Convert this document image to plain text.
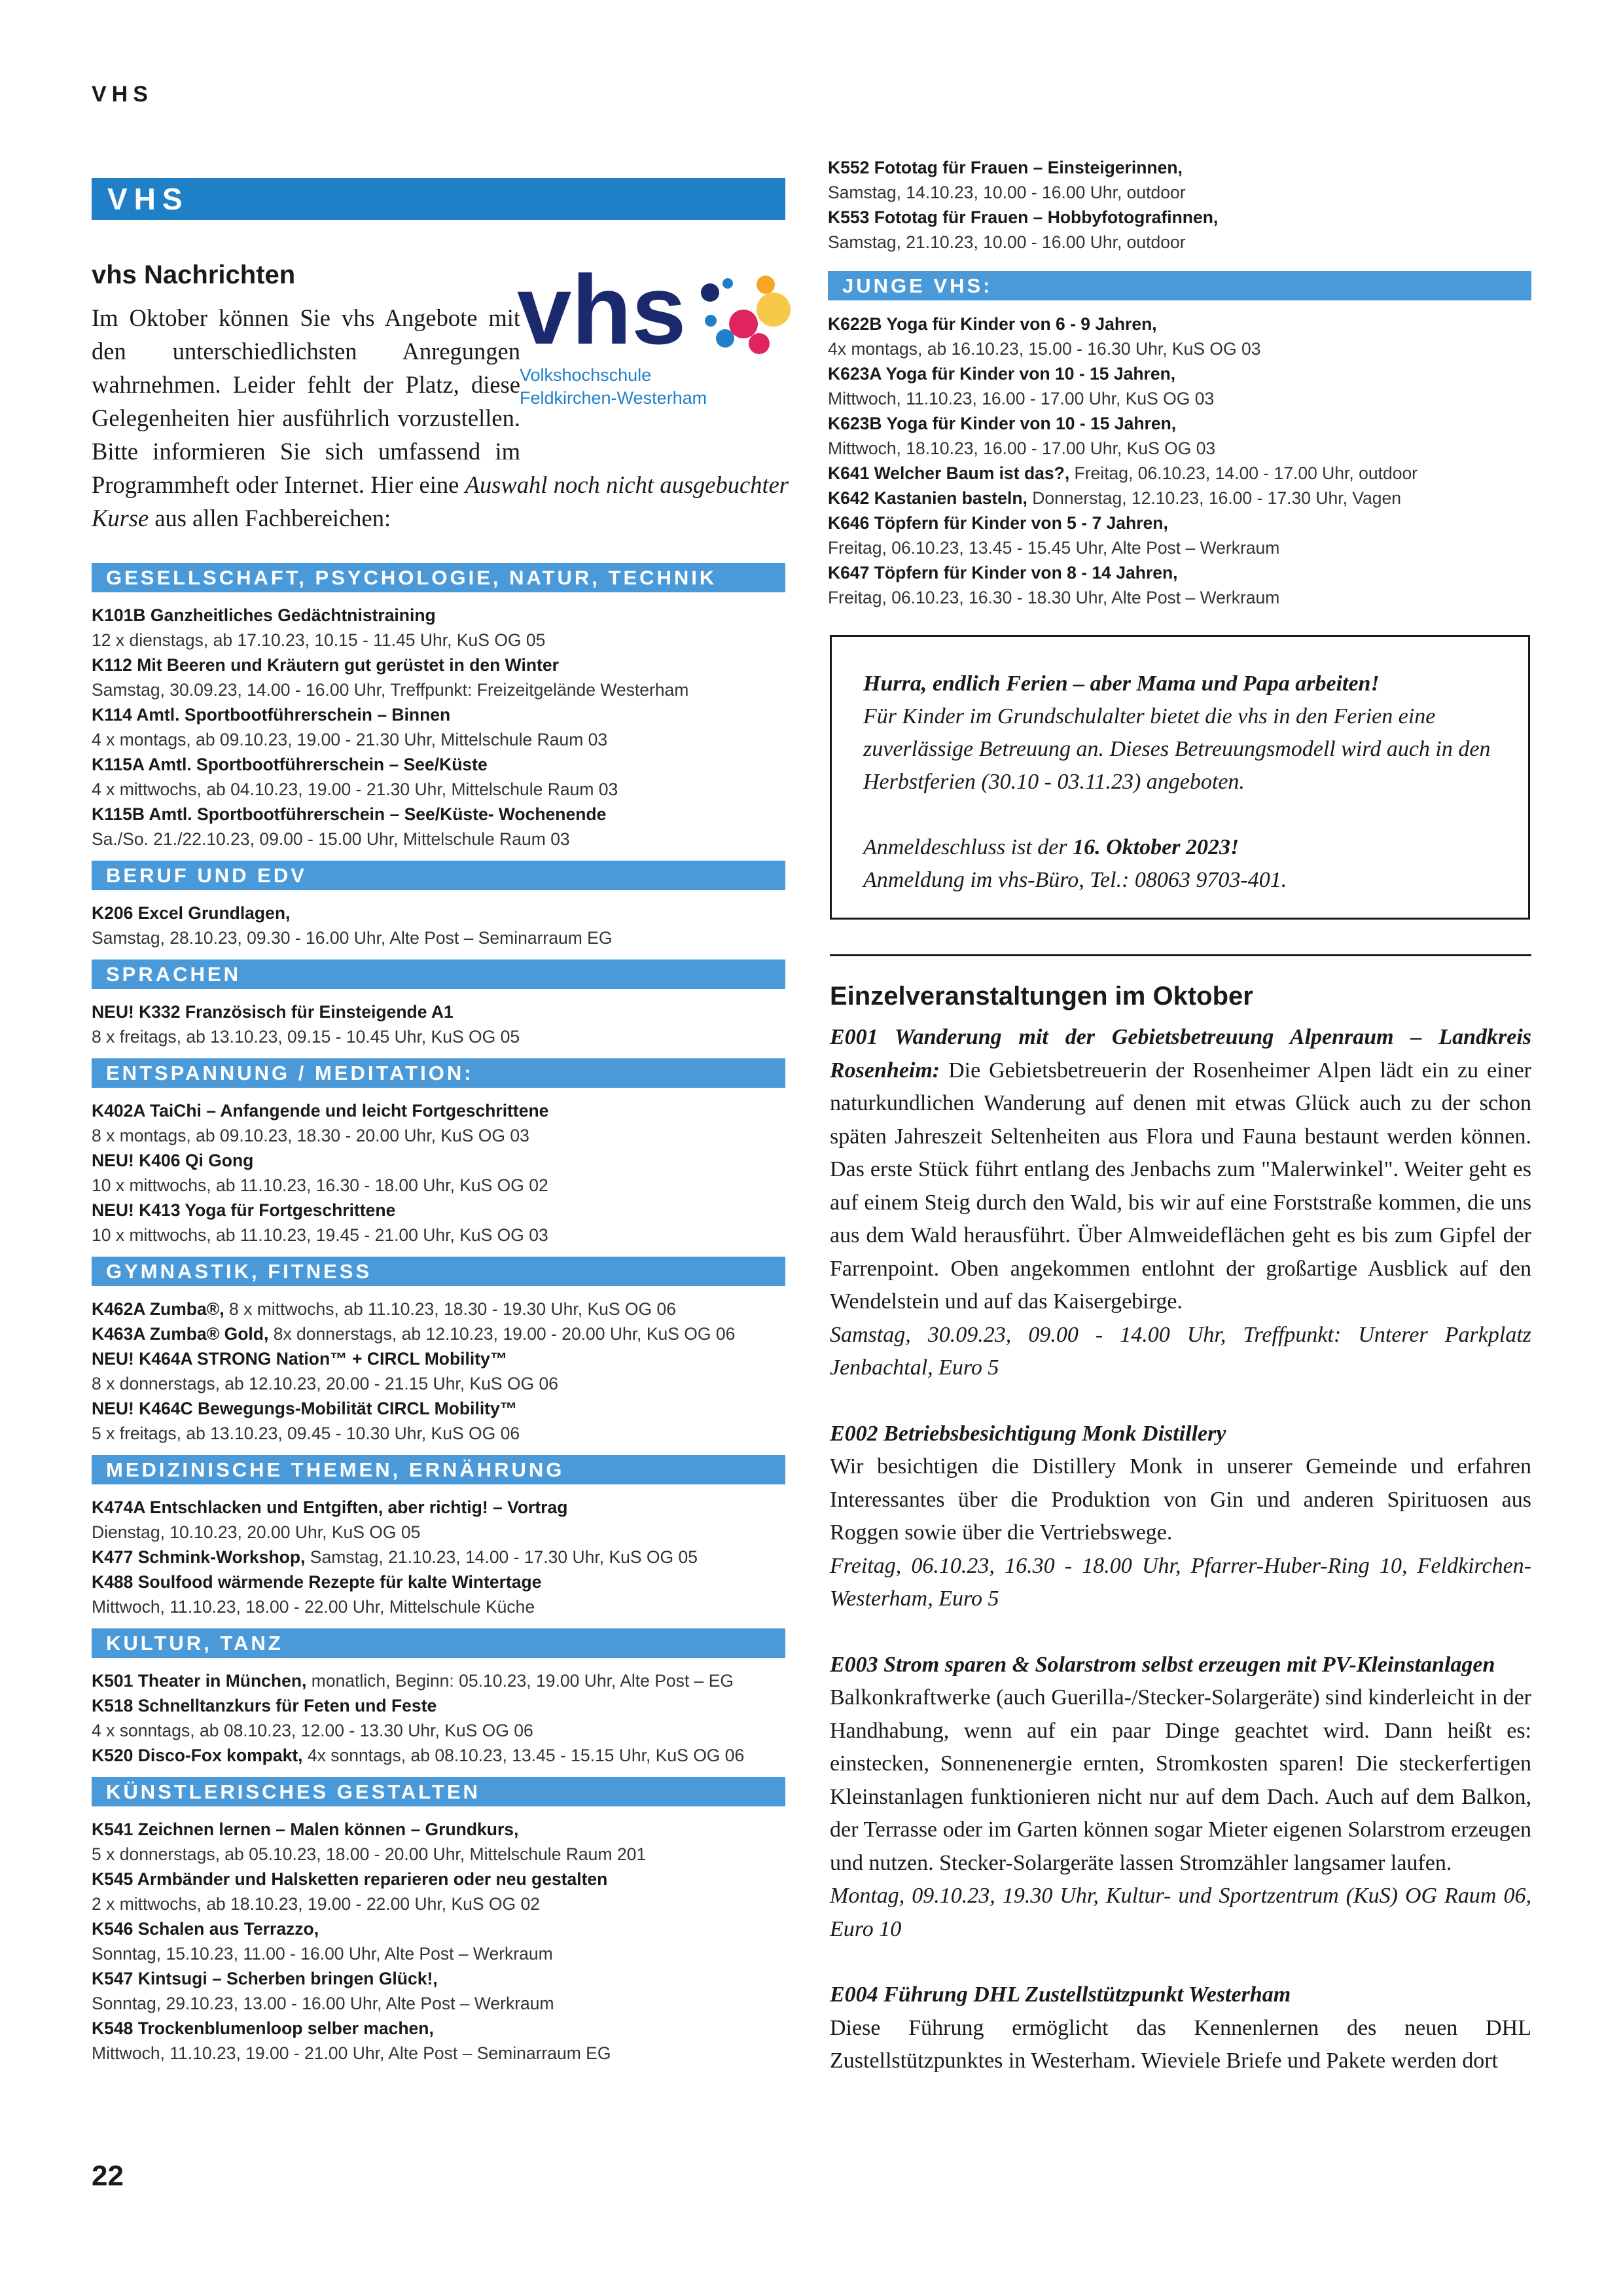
VHS
VHS
vhs Nachrichten vhs
Volkshochschule
Feldkirchen-Westerham
Im Oktober können Sie vhs Angebote mit den unterschiedlichsten Anregungen wahrnehmen. Leider fehlt der Platz, diese Gelegenheiten hier ausführlich vorzustellen. Bitte informieren Sie sich umfassend im Programmheft oder Internet. Hier eine Auswahl noch nicht ausgebuchter Kurse aus allen Fachbereichen:
GESELLSCHAFT, PSYCHOLOGIE, NATUR, TECHNIK
K101B Ganzheitliches Gedächtnistraining
12 x dienstags, ab 17.10.23, 10.15 - 11.45 Uhr, KuS OG 05
K112 Mit Beeren und Kräutern gut gerüstet in den Winter
Samstag, 30.09.23, 14.00 - 16.00 Uhr, Treffpunkt: Freizeitgelände Westerham
K114 Amtl. Sportbootführerschein – Binnen
4 x montags, ab 09.10.23, 19.00 - 21.30 Uhr, Mittelschule Raum 03
K115A Amtl. Sportbootführerschein – See/Küste
4 x mittwochs, ab 04.10.23, 19.00 - 21.30 Uhr, Mittelschule Raum 03
K115B Amtl. Sportbootführerschein – See/Küste- Wochenende
Sa./So. 21./22.10.23, 09.00 - 15.00 Uhr, Mittelschule Raum 03
BERUF UND EDV
K206 Excel Grundlagen,
Samstag, 28.10.23, 09.30 - 16.00 Uhr, Alte Post – Seminarraum EG
SPRACHEN
NEU! K332 Französisch für Einsteigende A1
8 x freitags, ab 13.10.23, 09.15 - 10.45 Uhr, KuS OG 05
ENTSPANNUNG / MEDITATION:
K402A TaiChi – Anfangende und leicht Fortgeschrittene
8 x montags, ab 09.10.23, 18.30 - 20.00 Uhr, KuS OG 03
NEU! K406 Qi Gong
10 x mittwochs, ab 11.10.23, 16.30 - 18.00 Uhr, KuS OG 02
NEU! K413 Yoga für Fortgeschrittene
10 x mittwochs, ab 11.10.23, 19.45 - 21.00 Uhr, KuS OG 03
GYMNASTIK, FITNESS
K462A Zumba®, 8 x mittwochs, ab 11.10.23, 18.30 - 19.30 Uhr, KuS OG 06
K463A Zumba® Gold, 8x donnerstags, ab 12.10.23, 19.00 - 20.00 Uhr, KuS OG 06
NEU! K464A STRONG Nation™ + CIRCL Mobility™
8 x donnerstags, ab 12.10.23, 20.00 - 21.15 Uhr, KuS OG 06
NEU! K464C Bewegungs-Mobilität CIRCL Mobility™
5 x freitags, ab 13.10.23, 09.45 - 10.30 Uhr, KuS OG 06
MEDIZINISCHE THEMEN, ERNÄHRUNG
K474A Entschlacken und Entgiften, aber richtig! – Vortrag
Dienstag, 10.10.23, 20.00 Uhr, KuS OG 05
K477 Schmink-Workshop, Samstag, 21.10.23, 14.00 - 17.30 Uhr, KuS OG 05
K488 Soulfood wärmende Rezepte für kalte Wintertage
Mittwoch, 11.10.23, 18.00 - 22.00 Uhr, Mittelschule Küche
KULTUR, TANZ
K501 Theater in München, monatlich, Beginn: 05.10.23, 19.00 Uhr, Alte Post – EG
K518 Schnelltanzkurs für Feten und Feste
4 x sonntags, ab 08.10.23, 12.00 - 13.30 Uhr, KuS OG 06
K520 Disco-Fox kompakt, 4x sonntags, ab 08.10.23, 13.45 - 15.15 Uhr, KuS OG 06
KÜNSTLERISCHES GESTALTEN
K541 Zeichnen lernen – Malen können – Grundkurs,
5 x donnerstags, ab 05.10.23, 18.00 - 20.00 Uhr, Mittelschule Raum 201
K545 Armbänder und Halsketten reparieren oder neu gestalten
2 x mittwochs, ab 18.10.23, 19.00 - 22.00 Uhr, KuS OG 02
K546 Schalen aus Terrazzo,
Sonntag, 15.10.23, 11.00 - 16.00 Uhr, Alte Post – Werkraum
K547 Kintsugi – Scherben bringen Glück!,
Sonntag, 29.10.23, 13.00 - 16.00 Uhr, Alte Post – Werkraum
K548 Trockenblumenloop selber machen,
Mittwoch, 11.10.23, 19.00 - 21.00 Uhr, Alte Post – Seminarraum EG
K552 Fototag für Frauen – Einsteigerinnen,
Samstag, 14.10.23, 10.00 - 16.00 Uhr, outdoor
K553 Fototag für Frauen – Hobbyfotografinnen,
Samstag, 21.10.23, 10.00 - 16.00 Uhr, outdoor
JUNGE VHS:
K622B Yoga für Kinder von 6 - 9 Jahren,
4x montags, ab 16.10.23, 15.00 - 16.30 Uhr, KuS OG 03
K623A Yoga für Kinder von 10 - 15 Jahren,
Mittwoch, 11.10.23, 16.00 - 17.00 Uhr, KuS OG 03
K623B Yoga für Kinder von 10 - 15 Jahren,
Mittwoch, 18.10.23, 16.00 - 17.00 Uhr, KuS OG 03
K641 Welcher Baum ist das?, Freitag, 06.10.23, 14.00 - 17.00 Uhr, outdoor
K642 Kastanien basteln, Donnerstag, 12.10.23, 16.00 - 17.30 Uhr, Vagen
K646 Töpfern für Kinder von 5 - 7 Jahren,
Freitag, 06.10.23, 13.45 - 15.45 Uhr, Alte Post – Werkraum
K647 Töpfern für Kinder von 8 - 14 Jahren,
Freitag, 06.10.23, 16.30 - 18.30 Uhr, Alte Post – Werkraum
Hurra, endlich Ferien – aber Mama und Papa arbeiten!
Für Kinder im Grundschulalter bietet die vhs in den Ferien eine zuverlässige Betreuung an. Dieses Betreuungsmodell wird auch in den Herbstferien (30.10 - 03.11.23) angeboten.
Anmeldeschluss ist der 16. Oktober 2023!
Anmeldung im vhs-Büro, Tel.: 08063 9703-401.
Einzelveranstaltungen im Oktober

E001 Wanderung mit der Gebietsbetreuung Alpenraum – Landkreis Rosenheim: Die Gebietsbetreuerin der Rosenheimer Alpen lädt ein zu einer naturkundlichen Wanderung auf denen mit etwas Glück auch zu der schon späten Jahreszeit Seltenheiten aus Flora und Fauna bestaunt werden können. Das erste Stück führt entlang des Jenbachs zum "Malerwinkel". Weiter geht es auf einem Steig durch den Wald, bis wir auf eine Forststraße kommen, die uns aus dem Wald herausführt. Über Almweideflächen geht es bis zum Gipfel der Farrenpoint. Oben angekommen entlohnt der großartige Ausblick auf den Wendelstein und auf das Kaisergebirge.
Samstag, 30.09.23, 09.00 - 14.00 Uhr, Treffpunkt: Unterer Parkplatz Jenbachtal, Euro 5

E002 Betriebsbesichtigung Monk Distillery
Wir besichtigen die Distillery Monk in unserer Gemeinde und erfahren Interessantes über die Produktion von Gin und anderen Spirituosen aus Roggen sowie über die Vertriebswege.
Freitag, 06.10.23, 16.30 - 18.00 Uhr, Pfarrer-Huber-Ring 10, Feldkirchen-Westerham, Euro 5

E003 Strom sparen & Solarstrom selbst erzeugen mit PV-Kleinstanlagen
Balkonkraftwerke (auch Guerilla-/Stecker-Solargeräte) sind kinderleicht in der Handhabung, wenn auf ein paar Dinge geachtet wird. Dann heißt es: einstecken, Sonnenenergie ernten, Stromkosten sparen! Die steckerfertigen Kleinstanlagen funktionieren nicht nur auf dem Dach. Auch auf dem Balkon, der Terrasse oder im Garten können sogar Mieter eigenen Solarstrom erzeugen und nutzen. Stecker-Solargeräte lassen Stromzähler langsamer laufen.
Montag, 09.10.23, 19.30 Uhr, Kultur- und Sportzentrum (KuS) OG Raum 06, Euro 10

E004 Führung DHL Zustellstützpunkt Westerham
Diese Führung ermöglicht das Kennenlernen des neuen DHL Zustellstützpunktes in Westerham. Wieviele Briefe und Pakete werden dort

22
